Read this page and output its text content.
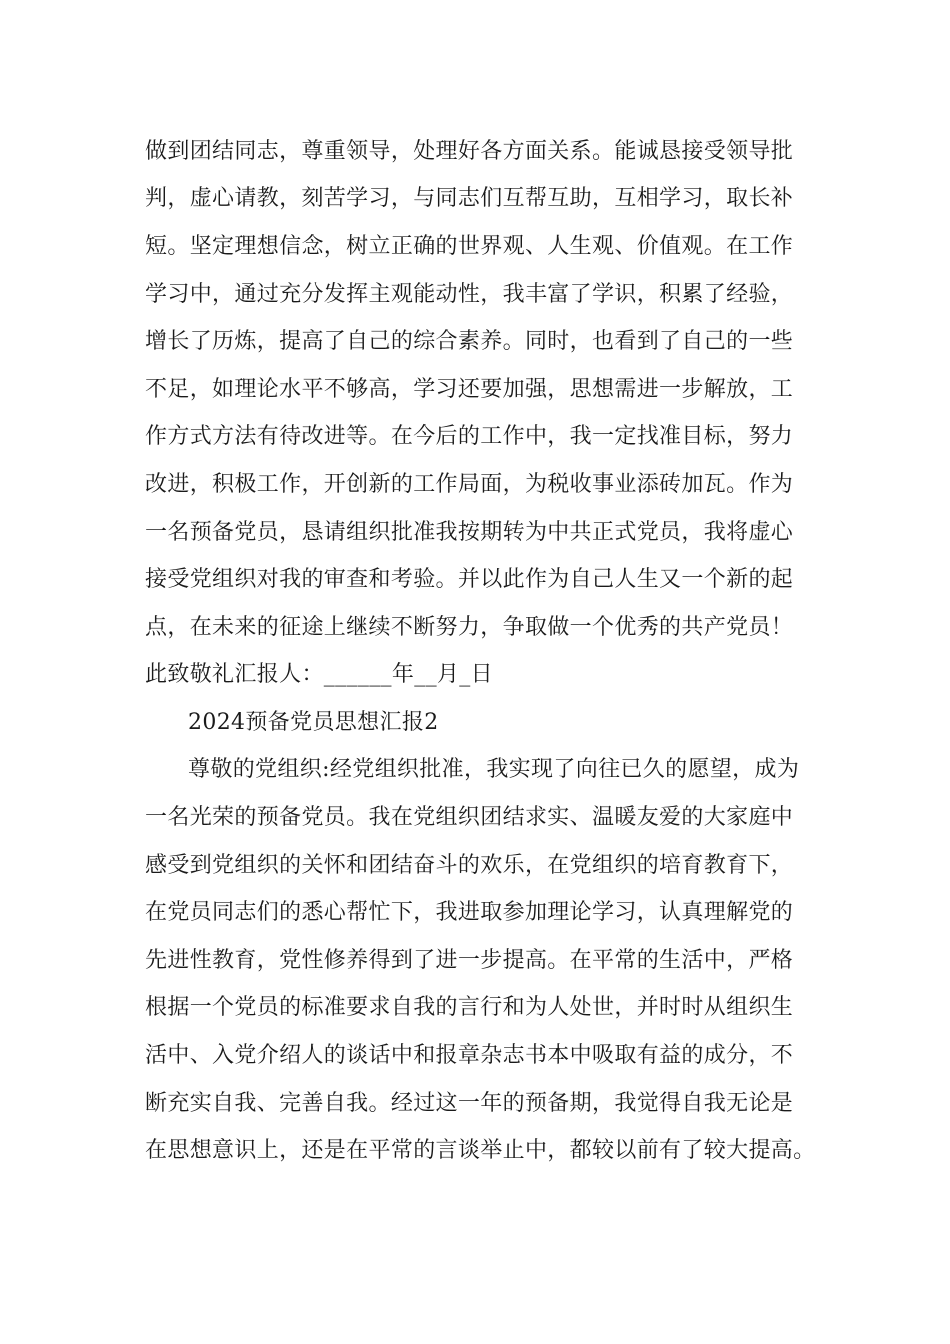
做到团结同志，尊重领导，处理好各方面关系。能诚恳接受领导批
判，虚心请教，刻苦学习，与同志们互帮互助，互相学习，取长补
短。坚定理想信念，树立正确的世界观、人生观、价值观。在工作
学习中，通过充分发挥主观能动性，我丰富了学识，积累了经验，
增长了历炼，提高了自己的综合素养。同时，也看到了自己的一些
不足，如理论水平不够高，学习还要加强，思想需进一步解放，工
作方式方法有待改进等。在今后的工作中，我一定找准目标，努力
改进，积极工作，开创新的工作局面，为税收事业添砖加瓦。作为
一名预备党员，恳请组织批准我按期转为中共正式党员，我将虚心
接受党组织对我的审查和考验。并以此作为自己人生又一个新的起
点，在未来的征途上继续不断努力，争取做一个优秀的共产党员！
此致敬礼汇报人：______年__月_日
2024预备党员思想汇报2
尊敬的党组织:经党组织批准，我实现了向往已久的愿望，成为
一名光荣的预备党员。我在党组织团结求实、温暖友爱的大家庭中
感受到党组织的关怀和团结奋斗的欢乐，在党组织的培育教育下，
在党员同志们的悉心帮忙下，我进取参加理论学习，认真理解党的
先进性教育，党性修养得到了进一步提高。在平常的生活中，严格
根据一个党员的标准要求自我的言行和为人处世，并时时从组织生
活中、入党介绍人的谈话中和报章杂志书本中吸取有益的成分，不
断充实自我、完善自我。经过这一年的预备期，我觉得自我无论是
在思想意识上，还是在平常的言谈举止中，都较以前有了较大提高。
